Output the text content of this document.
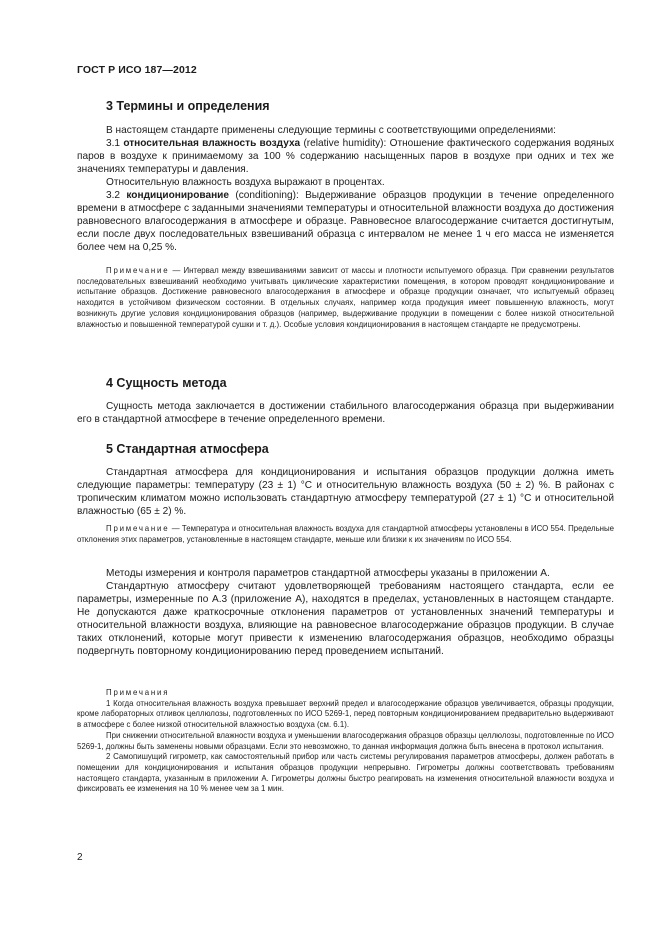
ГОСТ Р ИСО 187—2012
3 Термины и определения

В настоящем стандарте применены следующие термины с соответствующими определениями:

3.1 относительная влажность воздуха (relative humidity): Отношение фактического содержания водяных паров в воздухе к принимаемому за 100 % содержанию насыщенных паров в воздухе при одних и тех же значениях температуры и давления.

Относительную влажность воздуха выражают в процентах.

3.2 кондиционирование (conditioning): Выдерживание образцов продукции в течение определенного времени в атмосфере с заданными значениями температуры и относительной влажности воздуха до достижения равновесного влагосодержания в атмосфере и образце. Равновесное влагосодержание считается достигнутым, если после двух последовательных взвешиваний образца с интервалом не менее 1 ч его масса не изменяется более чем на 0,25 %.

Примечание — Интервал между взвешиваниями зависит от массы и плотности испытуемого образца. При сравнении результатов последовательных взвешиваний необходимо учитывать циклические характеристики помещения, в котором проводят кондиционирование и испытание образцов. Достижение равновесного влагосодержания в атмосфере и образце продукции означает, что испытуемый образец находится в устойчивом физическом состоянии. В отдельных случаях, например когда продукция имеет повышенную влажность, могут возникнуть другие условия кондиционирования образцов (например, выдерживание продукции в помещении с более низкой относительной влажностью и повышенной температурой сушки и т. д.). Особые условия кондиционирования в настоящем стандарте не предусмотрены.

4 Сущность метода

Сущность метода заключается в достижении стабильного влагосодержания образца при выдерживании его в стандартной атмосфере в течение определенного времени.

5 Стандартная атмосфера

Стандартная атмосфера для кондиционирования и испытания образцов продукции должна иметь следующие параметры: температуру (23 ± 1) °С и относительную влажность воздуха (50 ± 2) %. В районах с тропическим климатом можно использовать стандартную атмосферу температурой (27 ± 1) °С и относительной влажностью (65 ± 2) %.

Примечание — Температура и относительная влажность воздуха для стандартной атмосферы установлены в ИСО 554. Предельные отклонения этих параметров, установленные в настоящем стандарте, меньше или близки к их значениям по ИСО 554.

Методы измерения и контроля параметров стандартной атмосферы указаны в приложении А.

Стандартную атмосферу считают удовлетворяющей требованиям настоящего стандарта, если ее параметры, измеренные по А.3 (приложение А), находятся в пределах, установленных в настоящем стандарте. Не допускаются даже краткосрочные отклонения параметров от установленных значений температуры и относительной влажности воздуха, влияющие на равновесное влагосодержание образцов продукции. В случае таких отклонений, которые могут привести к изменению влагосодержания образцов, необходимо образцы подвергнуть повторному кондиционированию перед проведением испытаний.

Примечания

1 Когда относительная влажность воздуха превышает верхний предел и влагосодержание образцов увеличивается, образцы продукции, кроме лабораторных отливок целлюлозы, подготовленных по ИСО 5269-1, перед повторным кондиционированием предварительно выдерживают в атмосфере с более низкой относительной влажностью воздуха (см. 6.1).

При снижении относительной влажности воздуха и уменьшении влагосодержания образцов образцы целлюлозы, подготовленные по ИСО 5269-1, должны быть заменены новыми образцами. Если это невозможно, то данная информация должна быть внесена в протокол испытания.

2 Самопишущий гигрометр, как самостоятельный прибор или часть системы регулирования параметров атмосферы, должен работать в помещении для кондиционирования и испытания образцов продукции непрерывно. Гигрометры должны соответствовать требованиям настоящего стандарта, указанным в приложении А. Гигрометры должны быстро реагировать на изменения относительной влажности воздуха и фиксировать ее изменения на 10 % менее чем за 1 мин.

2
